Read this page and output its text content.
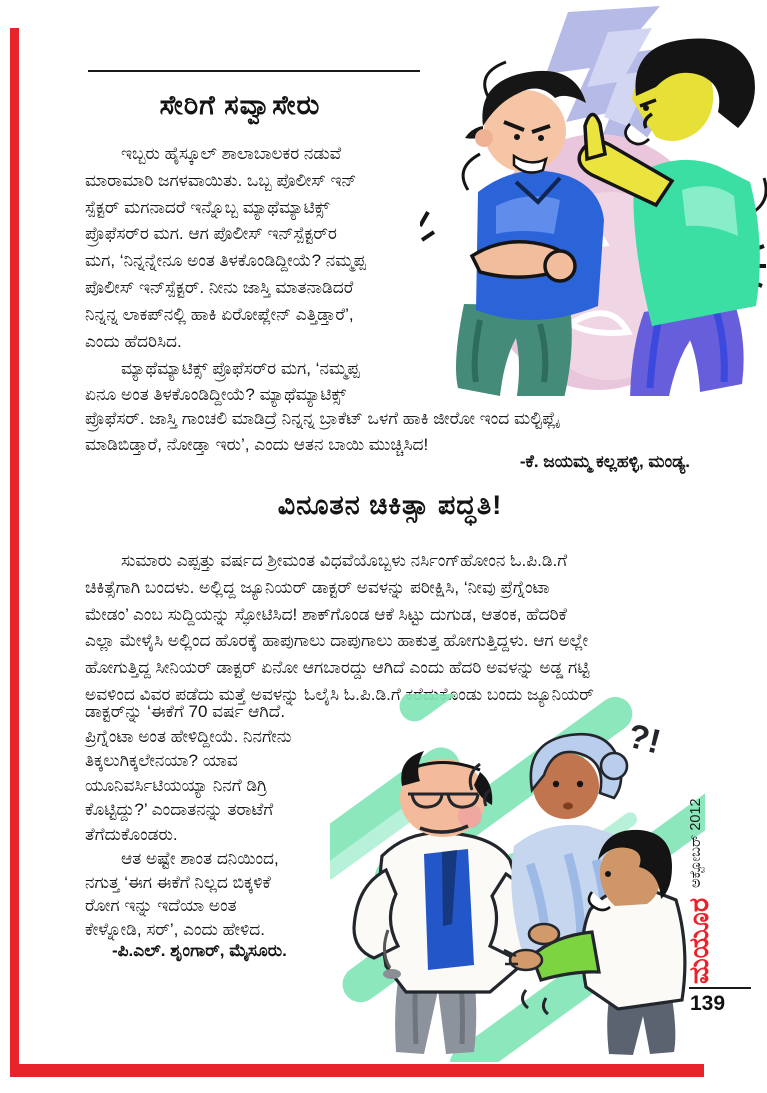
ಸೇರಿಗೆ ಸವ್ವಾಸೇರು
ಇಬ್ಬರು ಹೈಸ್ಕೂಲ್ ಶಾಲಾಬಾಲಕರ ನಡುವೆ
ಮಾರಾಮಾರಿ ಜಗಳವಾಯಿತು. ಒಬ್ಬ ಪೊಲೀಸ್ ಇನ್
ಸ್ಪೆಕ್ಟರ್ ಮಗನಾದರೆ ಇನ್ನೊಬ್ಬ ಮ್ಯಾಥೆಮ್ಯಾಟಿಕ್ಸ್
ಪ್ರೊಫೆಸರ್‌ರ ಮಗ. ಆಗ ಪೊಲೀಸ್ ಇನ್‌ಸ್ಪೆಕ್ಟರ್‌ರ
ಮಗ, ‘ನಿನ್ನನ್ನೇನೂ ಅಂತ ತಿಳಕೊಂಡಿದ್ದೀಯೆ? ನಮ್ಮಪ್ಪ
ಪೊಲೀಸ್ ಇನ್‌ಸ್ಪೆಕ್ಟರ್. ನೀನು ಜಾಸ್ತಿ ಮಾತನಾಡಿದರೆ
ನಿನ್ನನ್ನ ಲಾಕಪ್‌ನಲ್ಲಿ ಹಾಕಿ ಏರೋಪ್ಲೇನ್ ಎತ್ತಿಡ್ತಾರೆ’,
ಎಂದು ಹೆದರಿಸಿದ.
ಮ್ಯಾಥೆಮ್ಯಾಟಿಕ್ಸ್ ಪ್ರೊಫೆಸರ್‌ರ ಮಗ, ‘ನಮ್ಮಪ್ಪ
ಏನೂ ಅಂತ ತಿಳಕೊಂಡಿದ್ದೀಯೆ? ಮ್ಯಾಥೆಮ್ಯಾಟಿಕ್ಸ್
ಪ್ರೊಫೆಸರ್. ಜಾಸ್ತಿ ಗಾಂಚಲಿ ಮಾಡಿದ್ರೆ ನಿನ್ನನ್ನ ಬ್ರಾಕೆಟ್ ಒಳಗೆ ಹಾಕಿ ಜೀರೋ ಇಂದ ಮಲ್ಟಿಪ್ಲೈ
ಮಾಡಿಬಿಡ್ತಾರೆ, ನೋಡ್ತಾ ಇರು’, ಎಂದು ಆತನ ಬಾಯಿ ಮುಚ್ಚಿಸಿದ!
-ಕೆ. ಜಯಮ್ಮ ಕಲ್ಲಹಳ್ಳಿ, ಮಂಡ್ಯ.
ವಿನೂತನ ಚಿಕಿತ್ಸಾ ಪದ್ಧತಿ!
ಸುಮಾರು ಎಪ್ಪತ್ತು ವರ್ಷದ ಶ್ರೀಮಂತ ವಿಧವೆಯೊಬ್ಬಳು ನರ್ಸಿಂಗ್‌ಹೋಂನ ಓ.ಪಿ.ಡಿ.ಗೆ
ಚಿಕಿತ್ಸೆಗಾಗಿ ಬಂದಳು. ಅಲ್ಲಿದ್ದ ಜ್ಯೂನಿಯರ್ ಡಾಕ್ಟರ್ ಅವಳನ್ನು ಪರೀಕ್ಷಿಸಿ, ‘ನೀವು ಪ್ರೆಗ್ನೆಂಟಾ
ಮೇಡಂ’ ಎಂಬ ಸುದ್ದಿಯನ್ನು ಸ್ಫೋಟಿಸಿದ! ಶಾಕ್‌ಗೊಂಡ ಆಕೆ ಸಿಟ್ಟು ದುಗುಡ, ಆತಂಕ, ಹೆದರಿಕೆ
ಎಲ್ಲಾ ಮೇಳೈಸಿ ಅಲ್ಲಿಂದ ಹೊರಕ್ಕೆ ಹಾಪುಗಾಲು ದಾಪುಗಾಲು ಹಾಕುತ್ತ ಹೋಗುತ್ತಿದ್ದಳು. ಆಗ ಅಲ್ಲೇ
ಹೋಗುತ್ತಿದ್ದ ಸೀನಿಯರ್ ಡಾಕ್ಟರ್ ಏನೋ ಆಗಬಾರದ್ದು ಆಗಿದೆ ಎಂದು ಹೆದರಿ ಅವಳನ್ನು ಅಡ್ಡ ಗಟ್ಟಿ
ಅವಳಿಂದ ವಿವರ ಪಡೆದು ಮತ್ತೆ ಅವಳನ್ನು ಓಲೈಸಿ ಓ.ಪಿ.ಡಿ.ಗೆ ಕರೆದುಕೊಂಡು ಬಂದು ಜ್ಯೂನಿಯರ್
ಡಾಕ್ಟರ್‌ನ್ನು ‘ಈಕೆಗೆ 70 ವರ್ಷ ಆಗಿದೆ.
ಪ್ರಿಗ್ನೆಂಟಾ ಅಂತ ಹೇಳಿದ್ದೀಯೆ. ನಿನಗೇನು
ತಿಕ್ಕಲುಗಿಕ್ಕಲೇನಯಾ? ಯಾವ
ಯೂನಿವರ್ಸಿಟಿಯಯ್ಯಾ ನಿನಗೆ ಡಿಗ್ರಿ
ಕೊಟ್ಟಿದ್ದು?’ ಎಂದಾತನನ್ನು ತರಾಟೆಗೆ
ತೆಗೆದುಕೊಂಡರು.
ಆತ ಅಷ್ಟೇ ಶಾಂತ ದನಿಯಿಂದ,
ನಗುತ್ತ ‘ಈಗ ಈಕೆಗೆ ನಿಲ್ಲದ ಬಿಕ್ಕಳಿಕೆ
ರೋಗ ಇನ್ನು ಇದೆಯಾ ಅಂತ
ಕೇಳ್ನೋಡಿ, ಸರ್’, ಎಂದು ಹೇಳಿದ.
-ಪಿ.ಎಲ್. ಶೃಂಗಾರ್, ಮೈಸೂರು.
?!
ಅಕ್ಟೋಬರ್ 2012
ಮಯೂರ
139
